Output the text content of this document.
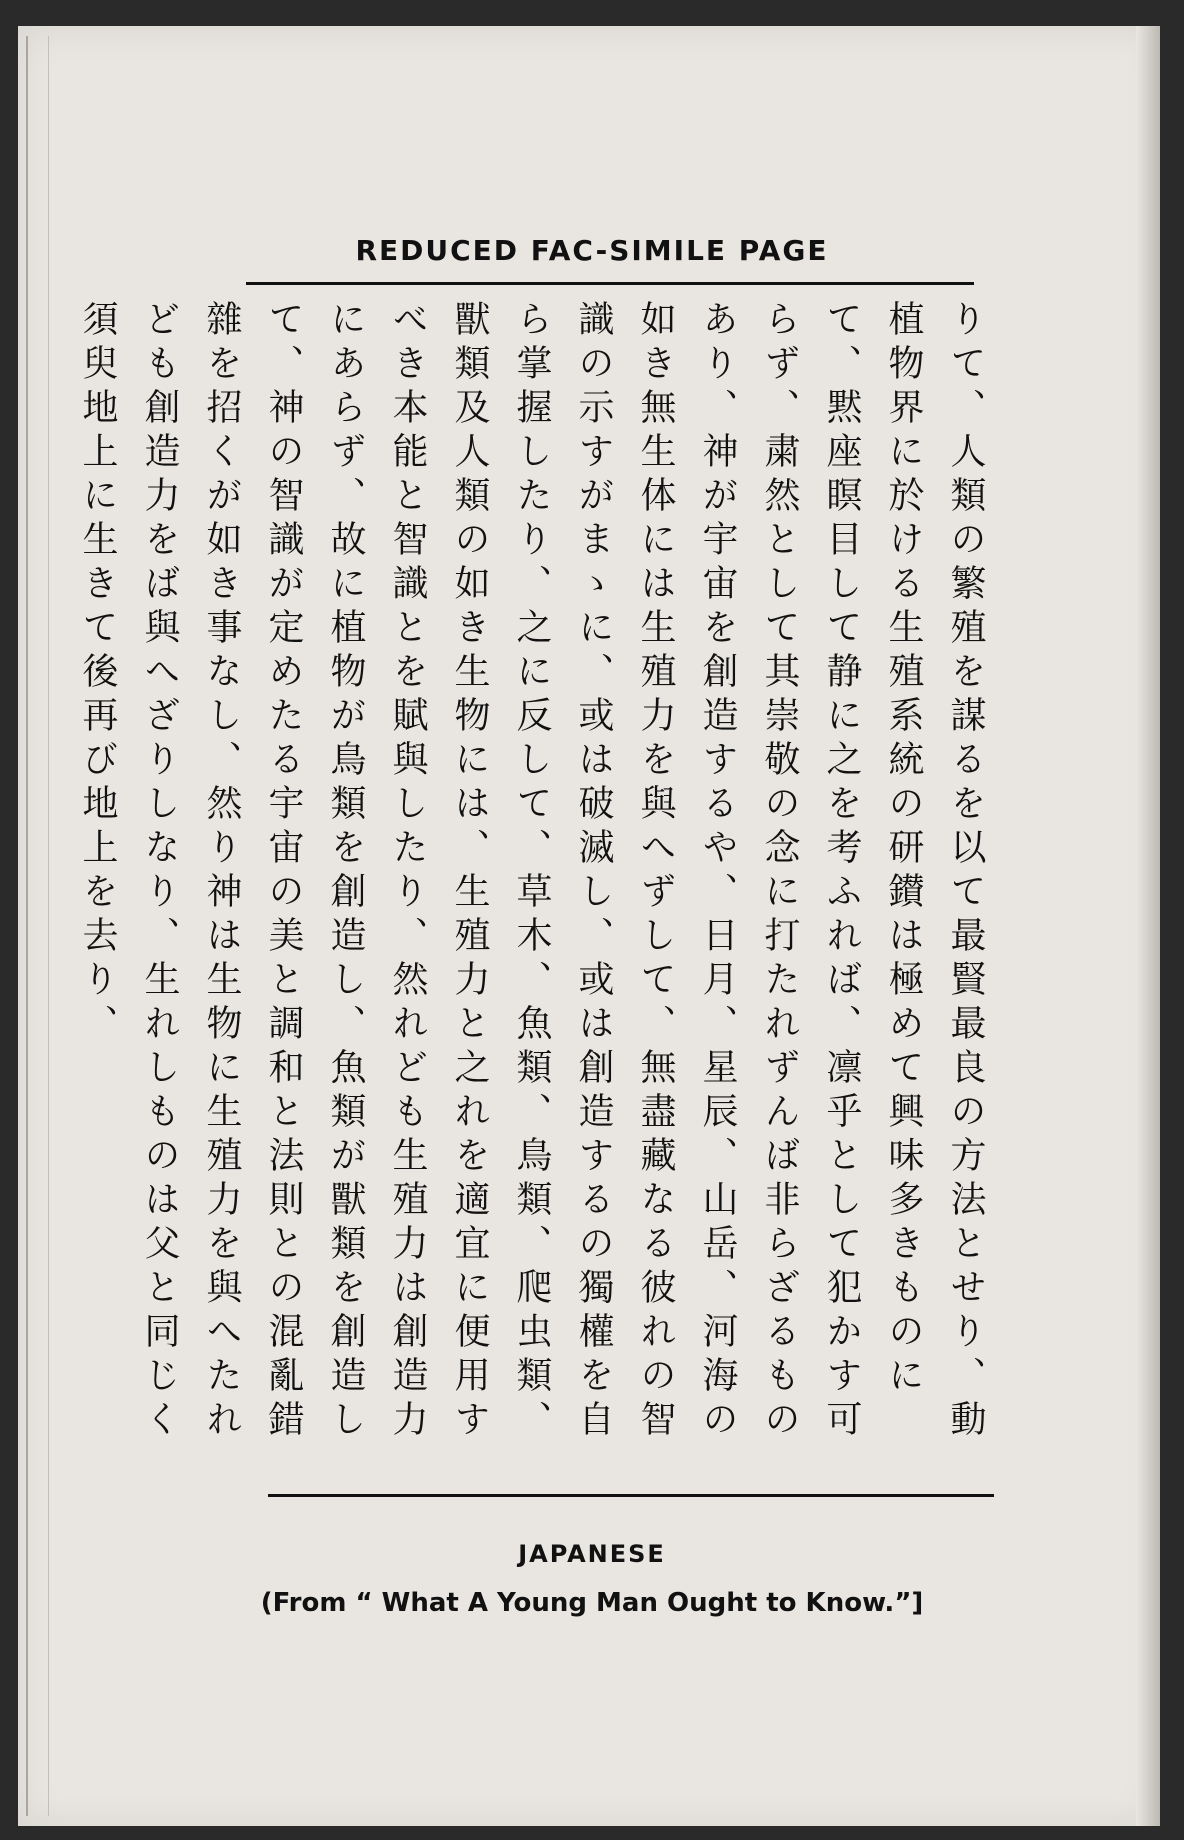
REDUCED FAC-SIMILE PAGE
りて、人類の繁殖を謀るを以て最賢最良の方法とせり、動植物界に於ける生殖系統の研鑚は極めて興味多きものにて、黙座瞑目して静に之を考ふれば、凛乎として犯かす可らず、粛然として其崇敬の念に打たれずんば非らざるものあり、神が宇宙を創造するや、日月、星辰、山岳、河海の如き無生体には生殖力を與へずして、無盡藏なる彼れの智識の示すがまゝに、或は破滅し、或は創造するの獨權を自ら掌握したり、之に反して、草木、魚類、鳥類、爬虫類、獸類及人類の如き生物には、生殖力と之れを適宜に便用すべき本能と智識とを賦與したり、然れども生殖力は創造力にあらず、故に植物が鳥類を創造し、魚類が獸類を創造して、神の智識が定めたる宇宙の美と調和と法則との混亂錯雜を招くが如き事なし、然り神は生物に生殖力を與へたれども創造力をば與へざりしなり、生れしものは父と同じく須臾地上に生きて後再び地上を去り、
JAPANESE
(From “ What A Young Man Ought to Know.”]
